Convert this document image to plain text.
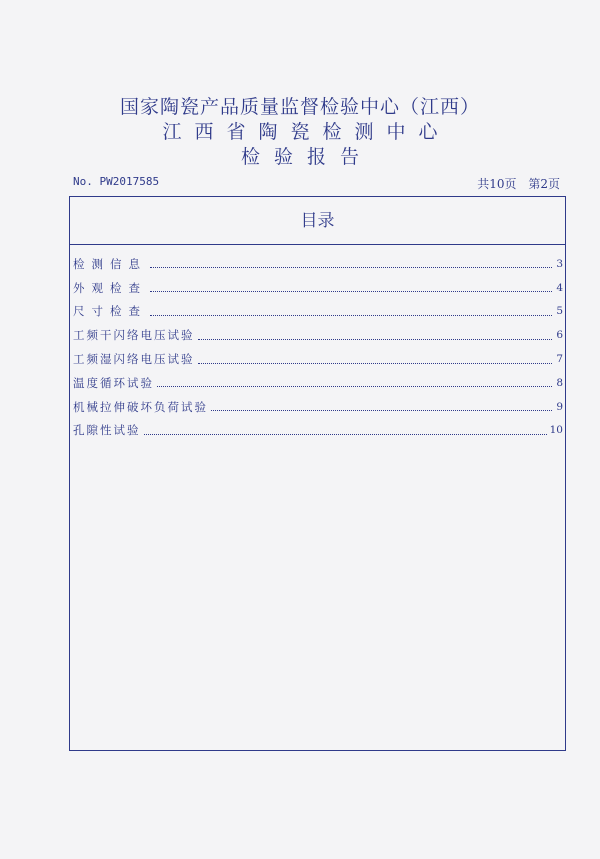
国家陶瓷产品质量监督检验中心（江西）
江西省陶瓷检测中心
检验报告
No. PW2017585	共10页 第2页
目录
检测信息	3
外观检查	4
尺寸检查	5
工频干闪络电压试验	6
工频湿闪络电压试验	7
温度循环试验	8
机械拉伸破坏负荷试验	9
孔隙性试验	10
